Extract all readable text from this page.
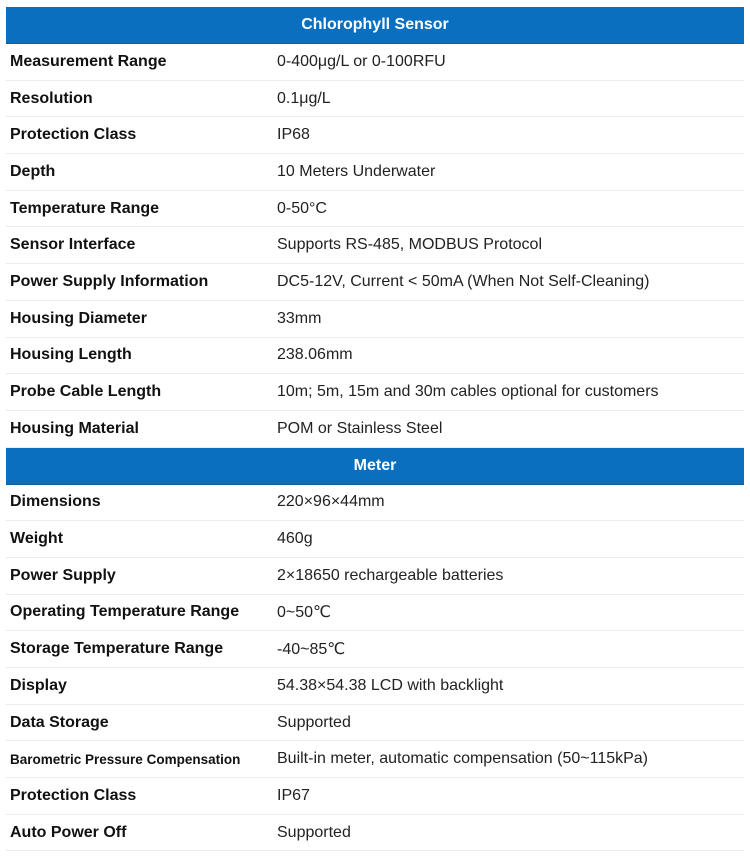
Chlorophyll Sensor
Measurement Range	0-400μg/L or 0-100RFU
Resolution	0.1μg/L
Protection Class	IP68
Depth	10 Meters Underwater
Temperature Range	0-50°C
Sensor Interface	Supports RS-485, MODBUS Protocol
Power Supply Information	DC5-12V, Current < 50mA (When Not Self-Cleaning)
Housing Diameter	33mm
Housing Length	238.06mm
Probe Cable Length	10m; 5m, 15m and 30m cables optional for customers
Housing Material	POM or Stainless Steel
Meter
Dimensions	220×96×44mm
Weight	460g
Power Supply	2×18650 rechargeable batteries
Operating Temperature Range	0~50℃
Storage Temperature Range	-40~85℃
Display	54.38×54.38 LCD with backlight
Data Storage	Supported
Barometric Pressure Compensation	Built-in meter, automatic compensation (50~115kPa)
Protection Class	IP67
Auto Power Off	Supported
